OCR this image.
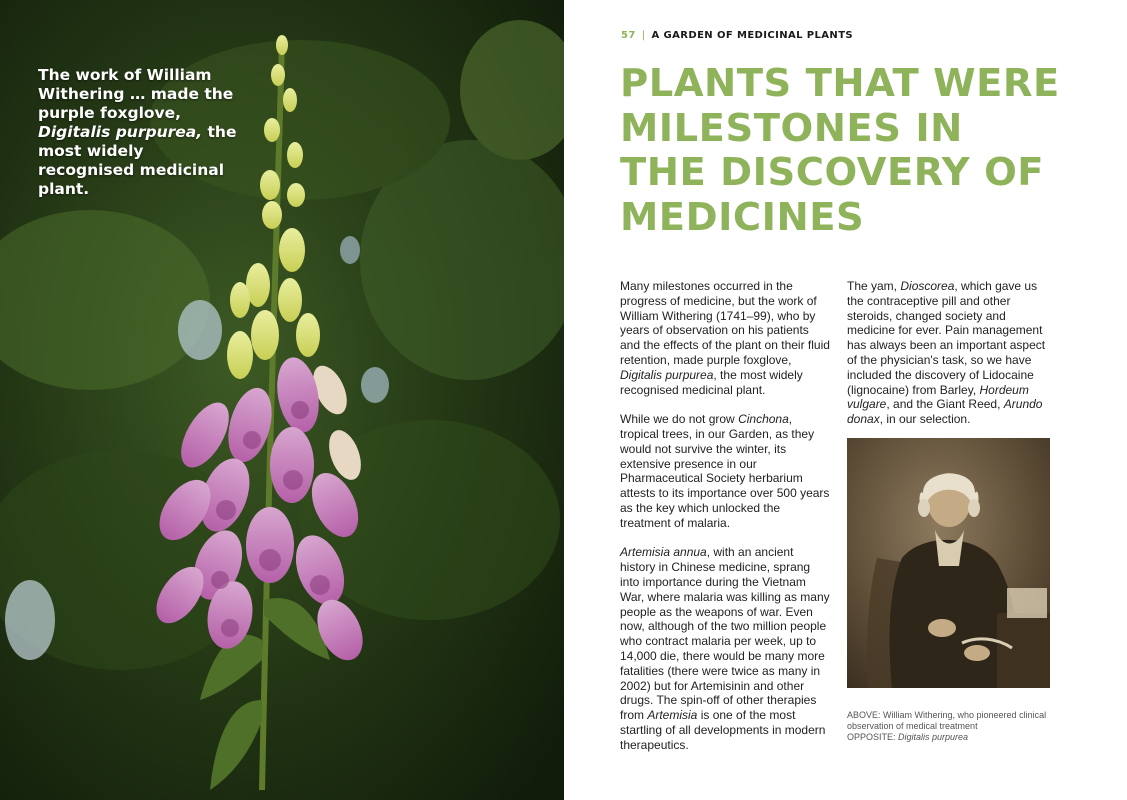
The work of William Withering … made the purple foxglove, Digitalis purpurea, the most widely recognised medicinal plant.
57 | A GARDEN OF MEDICINAL PLANTS
PLANTS THAT WERE MILESTONES IN THE DISCOVERY OF MEDICINES

Many milestones occurred in the progress of medicine, but the work of William Withering (1741–99), who by years of observation on his patients and the effects of the plant on their fluid retention, made purple foxglove, Digitalis purpurea, the most widely recognised medicinal plant.

While we do not grow Cinchona, tropical trees, in our Garden, as they would not survive the winter, its extensive presence in our Pharmaceutical Society herbarium attests to its importance over 500 years as the key which unlocked the treatment of malaria.

Artemisia annua, with an ancient history in Chinese medicine, sprang into importance during the Vietnam War, where malaria was killing as many people as the weapons of war. Even now, although of the two million people who contract malaria per week, up to 14,000 die, there would be many more fatalities (there were twice as many in 2002) but for Artemisinin and other drugs. The spin-off of other therapies from Artemisia is one of the most startling of all developments in modern therapeutics.

The yam, Dioscorea, which gave us the contraceptive pill and other steroids, changed society and medicine for ever. Pain management has always been an important aspect of the physician's task, so we have included the discovery of Lidocaine (lignocaine) from Barley, Hordeum vulgare, and the Giant Reed, Arundo donax, in our selection.

ABOVE: William Withering, who pioneered clinical observation of medical treatment
OPPOSITE: Digitalis purpurea
